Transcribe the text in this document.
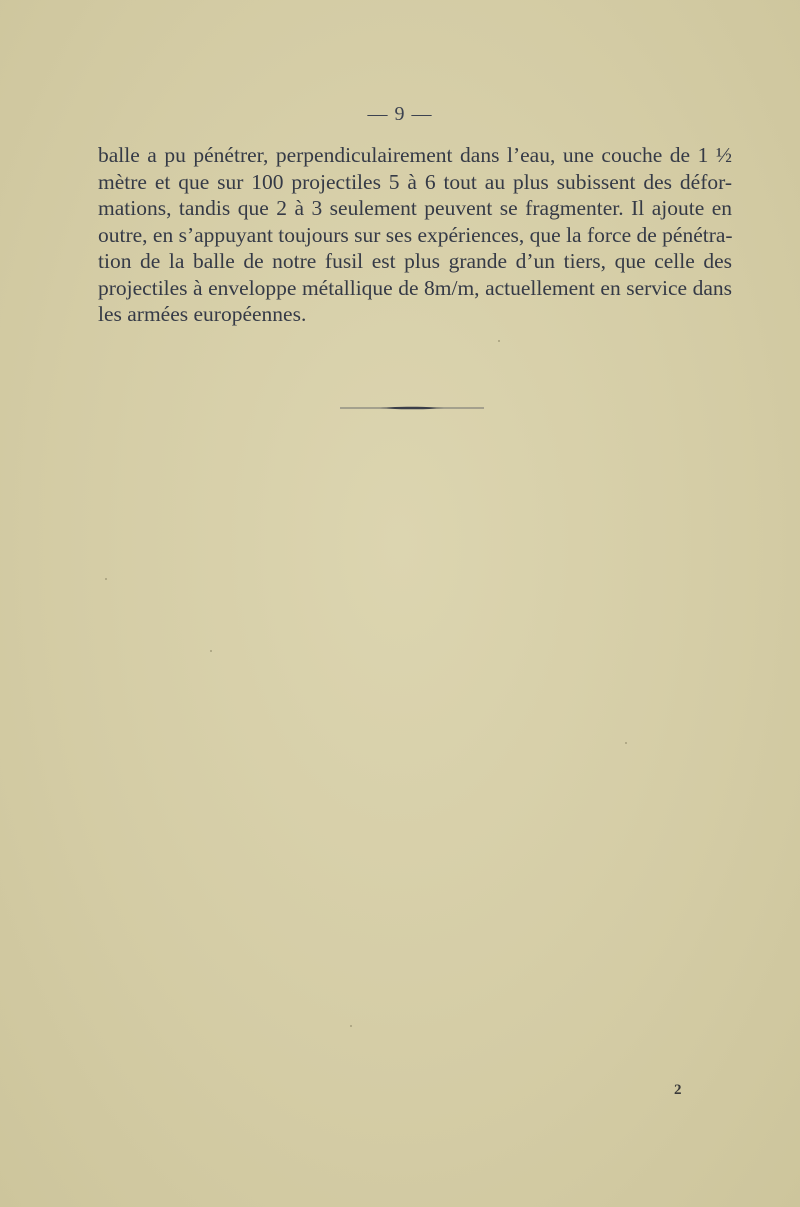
— 9 —
balle a pu pénétrer, perpendiculairement dans l’eau, une couche de 1 ½
mètre et que sur 100 projectiles 5 à 6 tout au plus subissent des défor-
mations, tandis que 2 à 3 seulement peuvent se fragmenter. Il ajoute en
outre, en s’appuyant toujours sur ses expériences, que la force de pénétra-
tion de la balle de notre fusil est plus grande d’un tiers, que celle des
projectiles à enveloppe métallique de 8m/m, actuellement en service dans
les armées européennes.
2
